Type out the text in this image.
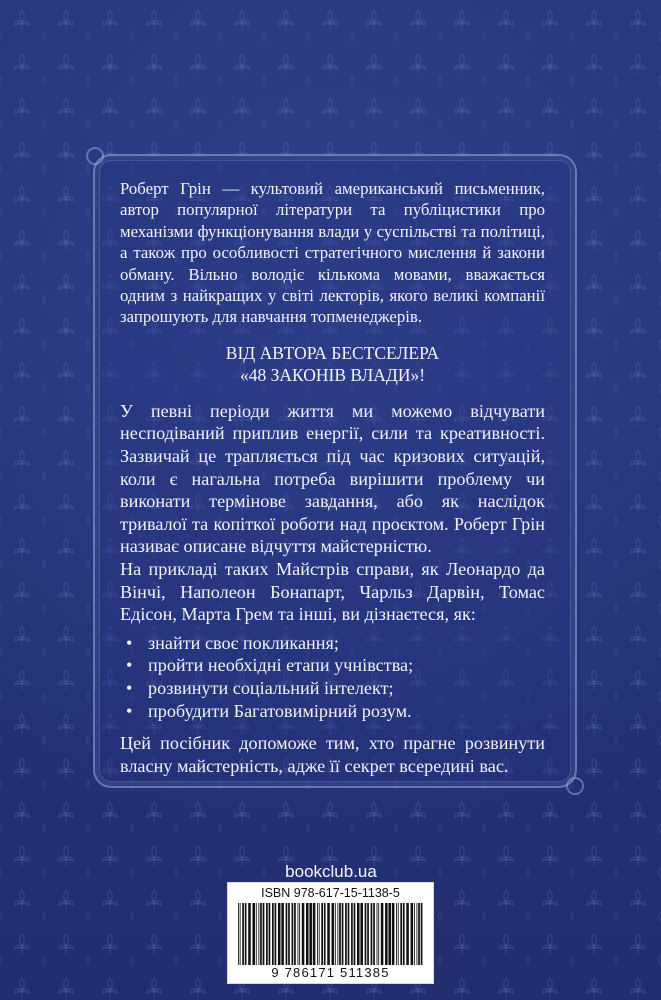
Роберт Грін — культовий американський письменник, автор популярної літератури та публіцистики про механізми функціонування влади у суспільстві та політиці, а також про особливості стратегічного мислення й закони обману. Вільно володіє кількома мовами, вважається одним з найкращих у світі лекторів, якого великі компанії запрошують для навчання топменеджерів.

ВІД АВТОРА БЕСТСЕЛЕРА
«48 ЗАКОНІВ ВЛАДИ»!

У певні періоди життя ми можемо відчувати несподіваний приплив енергії, сили та креативності. Зазвичай це трапляється під час кризових ситуацій, коли є нагальна потреба вирішити проблему чи виконати термінове завдання, або як наслідок тривалої та копіткої роботи над проєктом. Роберт Грін називає описане відчуття майстерністю.

На прикладі таких Майстрів справи, як Леонардо да Вінчі, Наполеон Бонапарт, Чарльз Дарвін, Томас Едісон, Марта Грем та інші, ви дізнаєтеся, як:

• знайти своє покликання;
• пройти необхідні етапи учнівства;
• розвинути соціальний інтелект;
• пробудити Багатовимірний розум.

Цей посібник допоможе тим, хто прагне розвинути власну майстерність, адже її секрет всередині вас.

bookclub.ua
ISBN 978-617-15-1138-5
9 786171 511385
